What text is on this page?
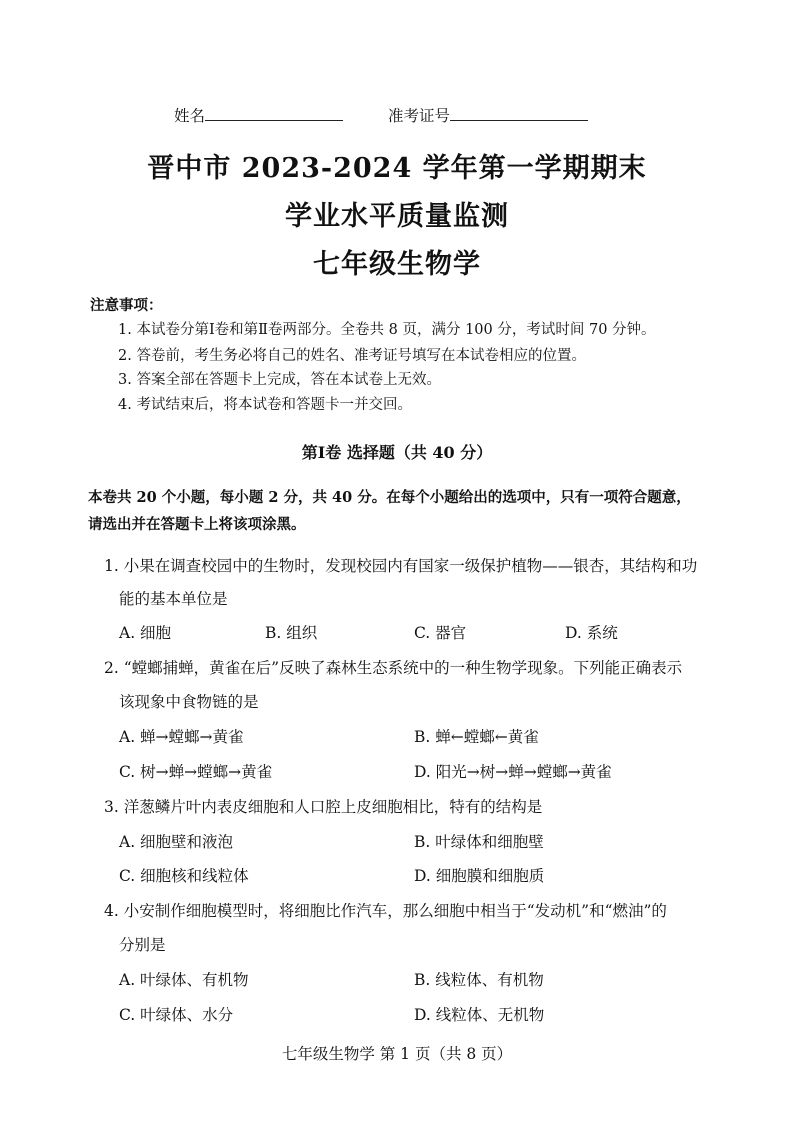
姓名	准考证号
晋中市 2023-2024 学年第一学期期末
学业水平质量监测
七年级生物学
注意事项：
1. 本试卷分第Ⅰ卷和第Ⅱ卷两部分。全卷共 8 页，满分 100 分，考试时间 70 分钟。
2. 答卷前，考生务必将自己的姓名、准考证号填写在本试卷相应的位置。
3. 答案全部在答题卡上完成，答在本试卷上无效。
4. 考试结束后，将本试卷和答题卡一并交回。
第Ⅰ卷 选择题（共 40 分）
本卷共 20 个小题，每小题 2 分，共 40 分。在每个小题给出的选项中，只有一项符合题意，
请选出并在答题卡上将该项涂黑。
1. 小果在调查校园中的生物时，发现校园内有国家一级保护植物——银杏，其结构和功
能的基本单位是
A. 细胞	B. 组织	C. 器官	D. 系统
2. “螳螂捕蝉，黄雀在后”反映了森林生态系统中的一种生物学现象。下列能正确表示
该现象中食物链的是
A. 蝉→螳螂→黄雀	B. 蝉←螳螂←黄雀
C. 树→蝉→螳螂→黄雀	D. 阳光→树→蝉→螳螂→黄雀
3. 洋葱鳞片叶内表皮细胞和人口腔上皮细胞相比，特有的结构是
A. 细胞壁和液泡	B. 叶绿体和细胞壁
C. 细胞核和线粒体	D. 细胞膜和细胞质
4. 小安制作细胞模型时，将细胞比作汽车，那么细胞中相当于“发动机”和“燃油”的
分别是
A. 叶绿体、有机物	B. 线粒体、有机物
C. 叶绿体、水分	D. 线粒体、无机物
七年级生物学 第 1 页（共 8 页）
